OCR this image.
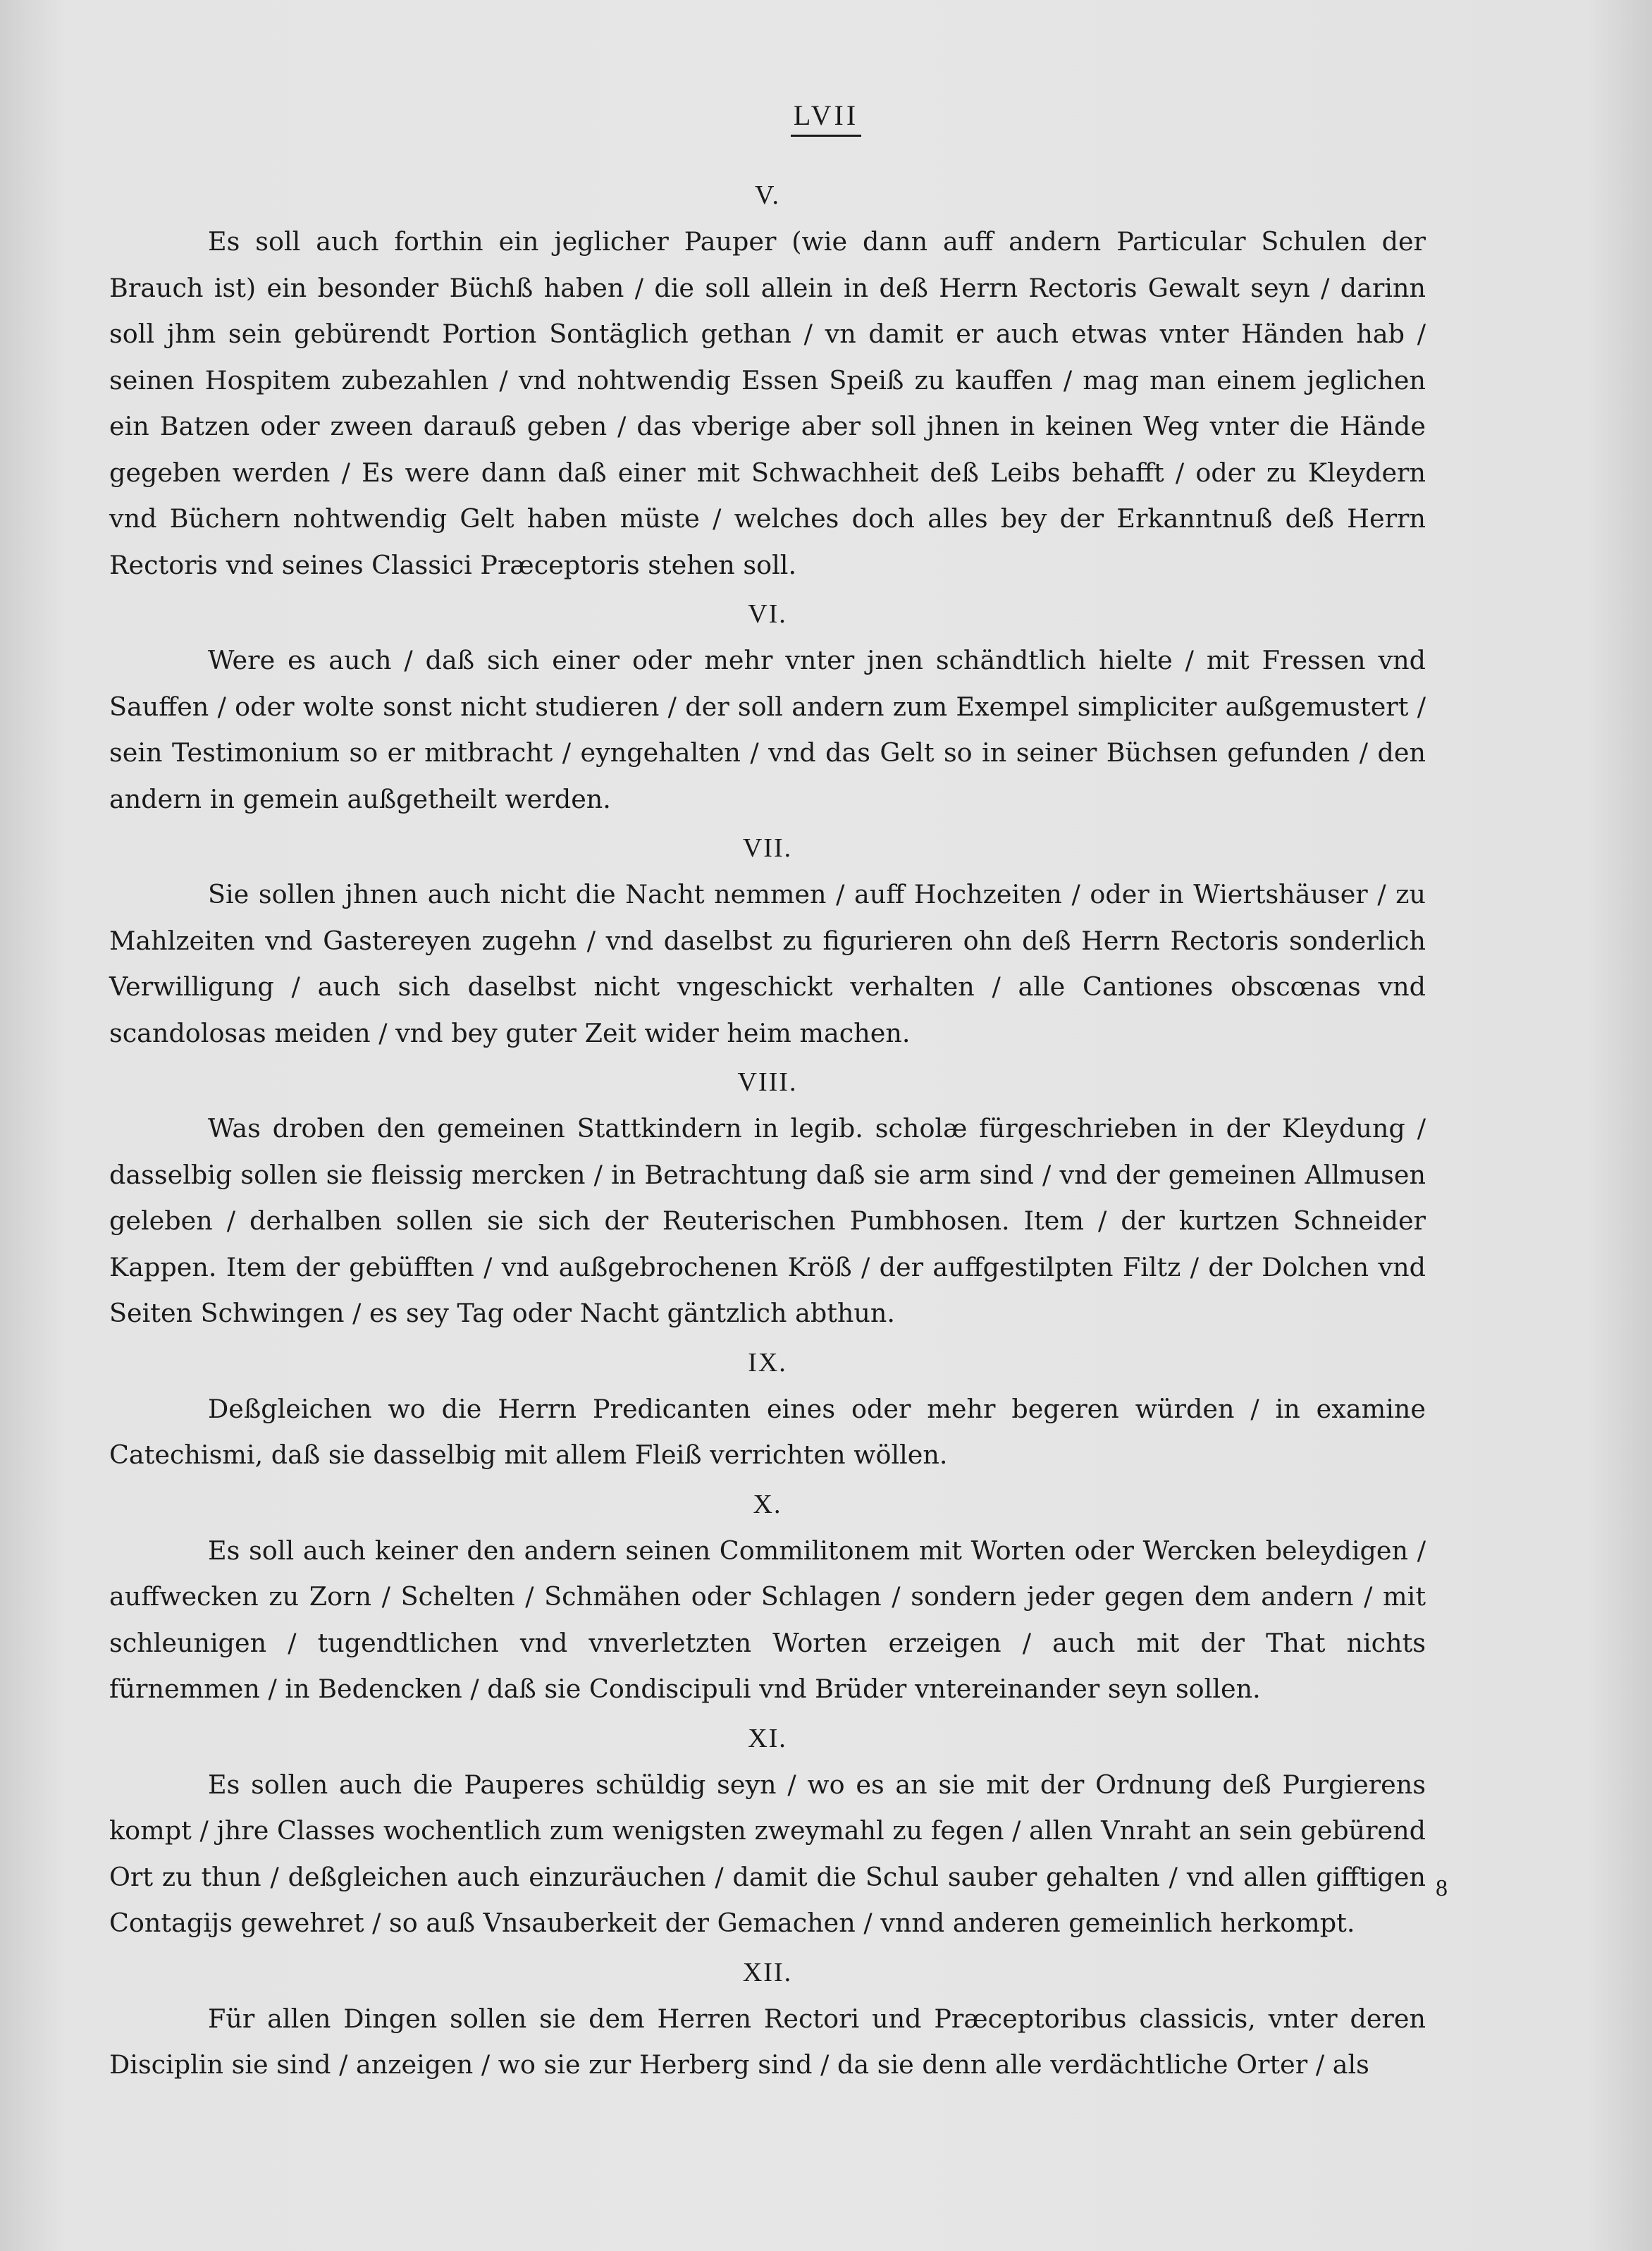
LVII
V.

Es soll auch forthin ein jeglicher Pauper (wie dann auff andern Particular Schulen der Brauch ist) ein besonder Büchß haben / die soll allein in deß Herrn Rectoris Gewalt seyn / darinn soll jhm sein gebürendt Portion Sontäglich gethan / vn damit er auch etwas vnter Händen hab / seinen Hospitem zubezahlen / vnd nohtwendig Essen Speiß zu kauffen / mag man einem jeglichen ein Batzen oder zween darauß geben / das vberige aber soll jhnen in keinen Weg vnter die Hände gegeben werden / Es were dann daß einer mit Schwachheit deß Leibs behafft / oder zu Kleydern vnd Büchern nohtwendig Gelt haben müste / welches doch alles bey der Erkanntnuß deß Herrn Rectoris vnd seines Classici Præceptoris stehen soll.

VI.

Were es auch / daß sich einer oder mehr vnter jnen schändtlich hielte / mit Fressen vnd Sauffen / oder wolte sonst nicht studieren / der soll andern zum Exempel simpliciter außgemustert / sein Testimonium so er mitbracht / eyngehalten / vnd das Gelt so in seiner Büchsen gefunden / den andern in gemein außgetheilt werden.

VII.

Sie sollen jhnen auch nicht die Nacht nemmen / auff Hochzeiten / oder in Wiertshäuser / zu Mahlzeiten vnd Gastereyen zugehn / vnd daselbst zu figurieren ohn deß Herrn Rectoris sonderlich Verwilligung / auch sich daselbst nicht vngeschickt verhalten / alle Cantiones obscœnas vnd scandolosas meiden / vnd bey guter Zeit wider heim machen.

VIII.

Was droben den gemeinen Stattkindern in legib. scholæ fürgeschrieben in der Kleydung / dasselbig sollen sie fleissig mercken / in Betrachtung daß sie arm sind / vnd der gemeinen Allmusen geleben / derhalben sollen sie sich der Reuterischen Pumbhosen. Item / der kurtzen Schneider Kappen. Item der gebüfften / vnd außgebrochenen Kröß / der auffgestilpten Filtz / der Dolchen vnd Seiten Schwingen / es sey Tag oder Nacht gäntzlich abthun.

IX.

Deßgleichen wo die Herrn Predicanten eines oder mehr begeren würden / in examine Catechismi, daß sie dasselbig mit allem Fleiß verrichten wöllen.

X.

Es soll auch keiner den andern seinen Commilitonem mit Worten oder Wercken beleydigen / auffwecken zu Zorn / Schelten / Schmähen oder Schlagen / sondern jeder gegen dem andern / mit schleunigen / tugendtlichen vnd vnverletzten Worten erzeigen / auch mit der That nichts fürnemmen / in Bedencken / daß sie Condiscipuli vnd Brüder vntereinander seyn sollen.

XI.

Es sollen auch die Pauperes schüldig seyn / wo es an sie mit der Ordnung deß Purgierens kompt / jhre Classes wochentlich zum wenigsten zweymahl zu fegen / allen Vnraht an sein gebürend Ort zu thun / deßgleichen auch einzuräuchen / damit die Schul sauber gehalten / vnd allen gifftigen Contagijs gewehret / so auß Vnsauberkeit der Gemachen / vnnd anderen gemeinlich herkompt.

XII.

Für allen Dingen sollen sie dem Herren Rectori und Præceptoribus classicis, vnter deren Disciplin sie sind / anzeigen / wo sie zur Herberg sind / da sie denn alle verdächtliche Orter / als

8
